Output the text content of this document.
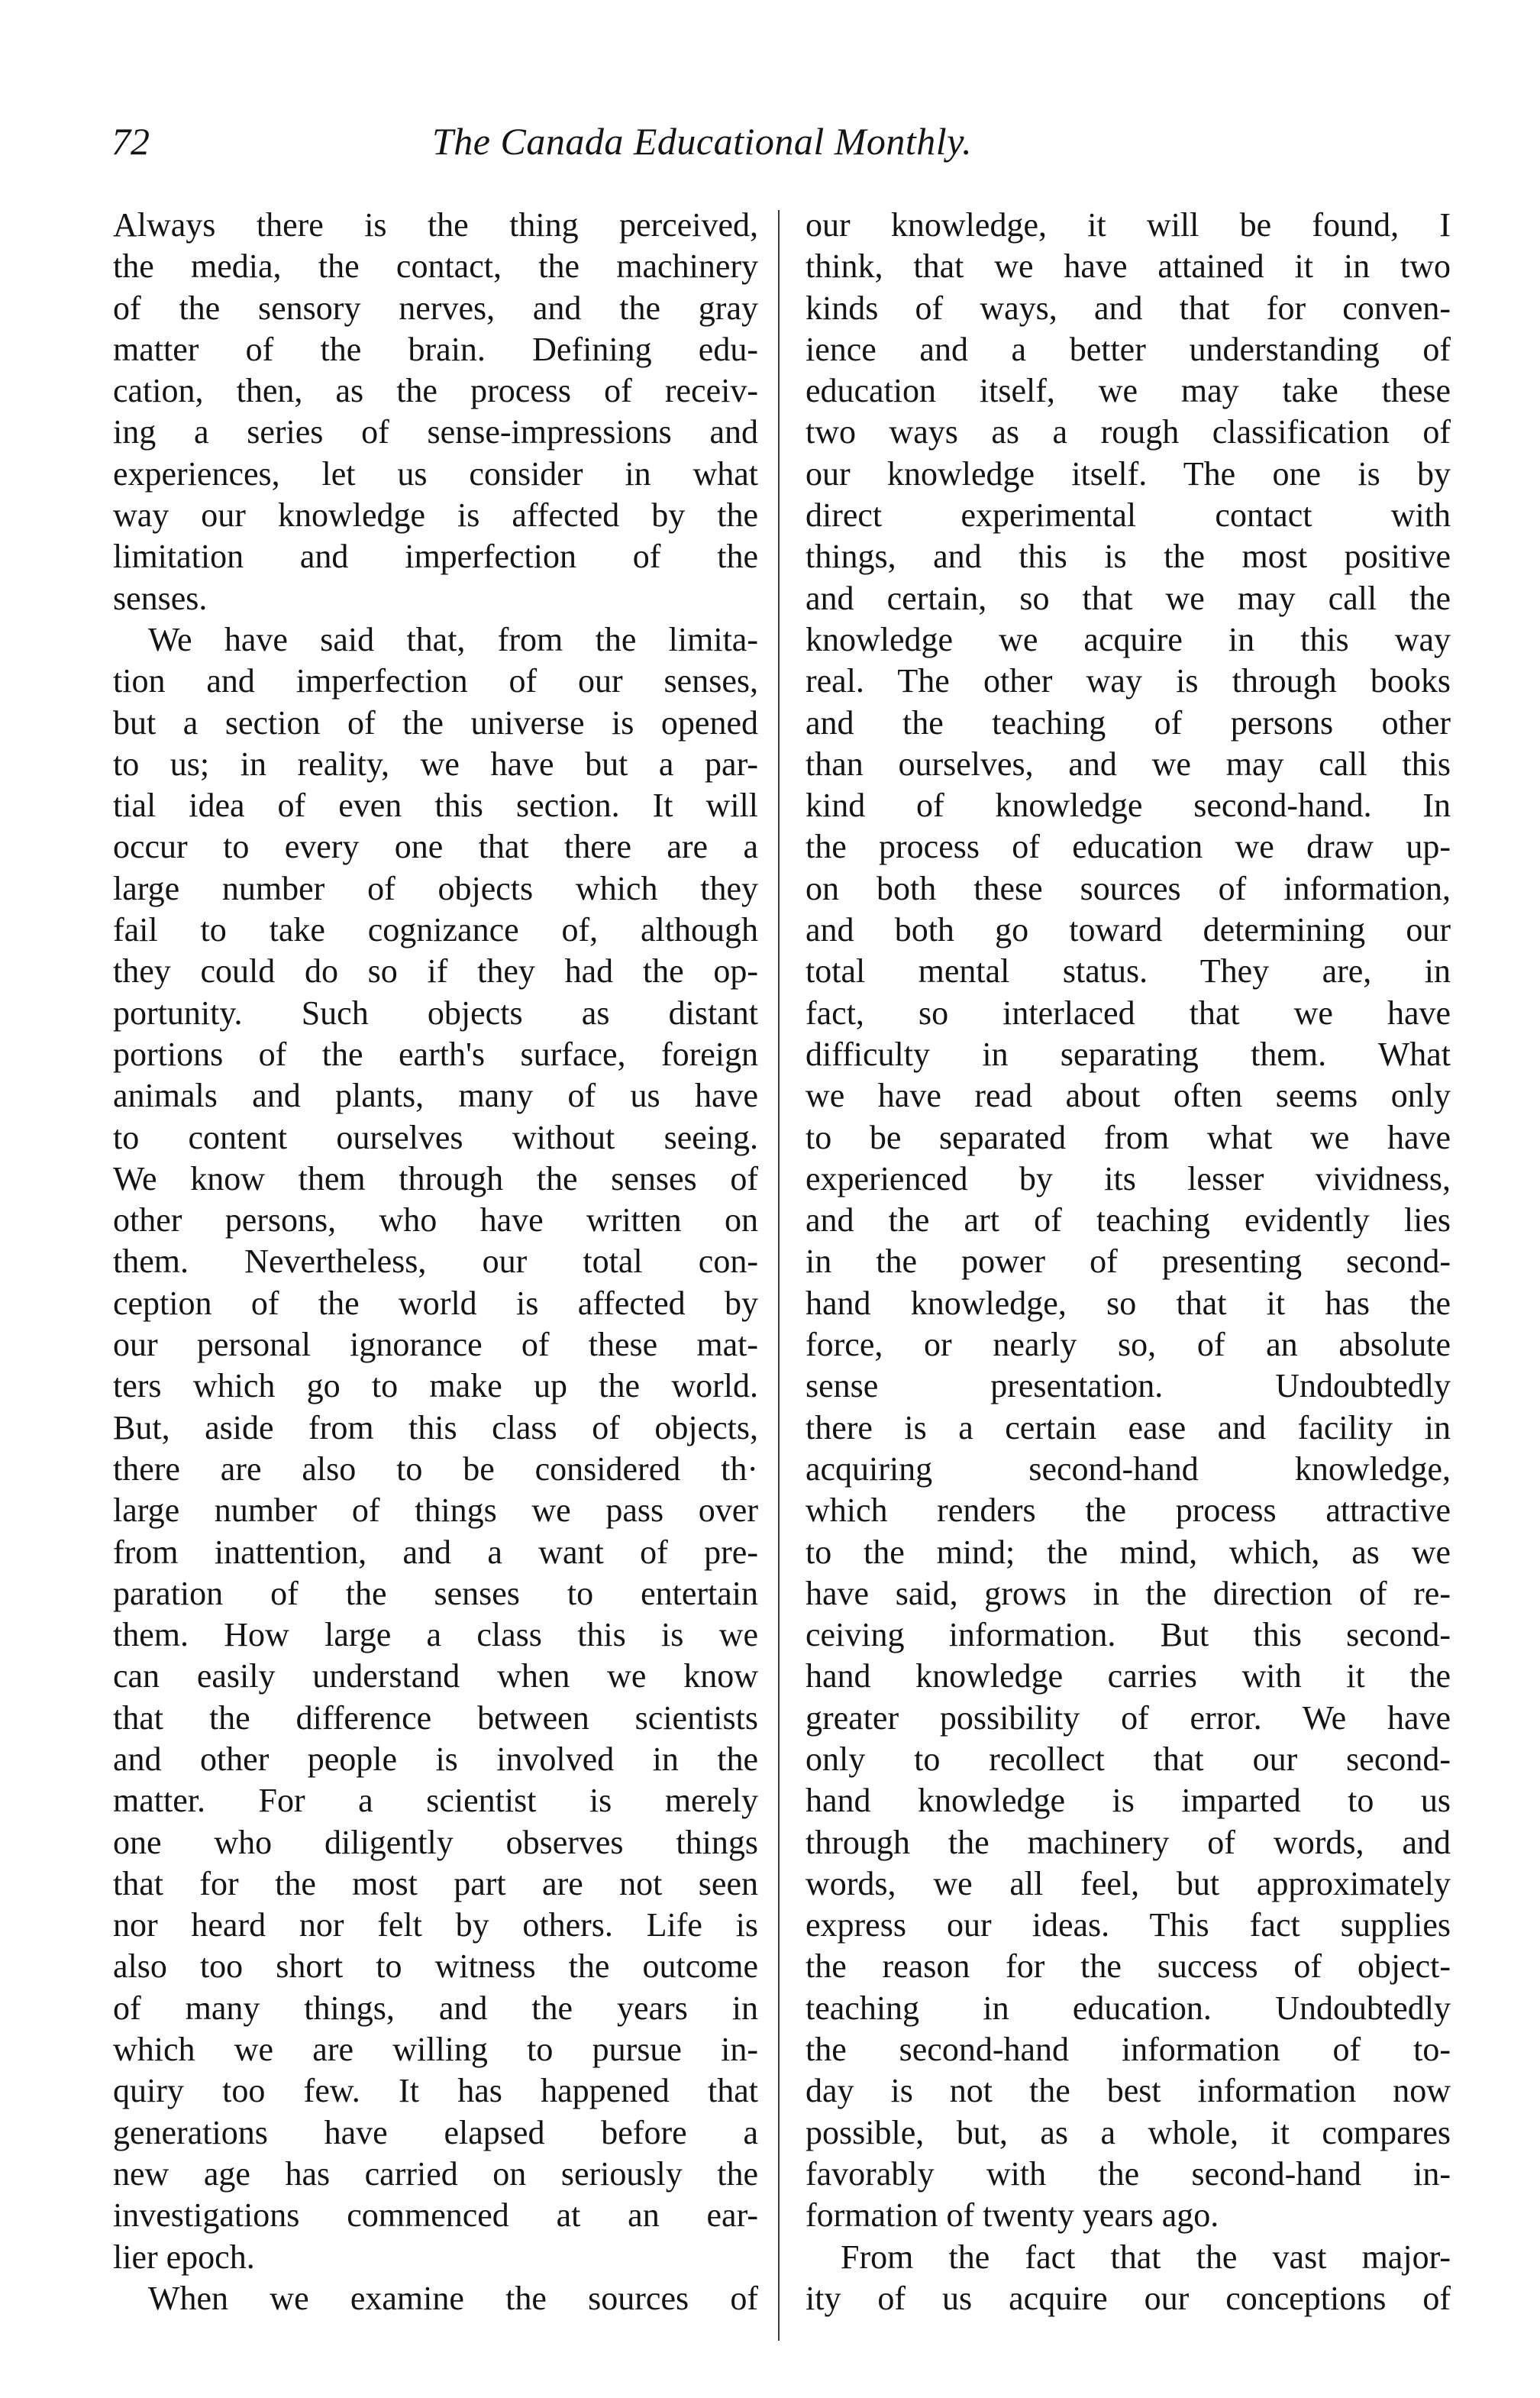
72	The Canada Educational Monthly.
Always there is the thing perceived,
the media, the contact, the machinery
of the sensory nerves, and the gray
matter of the brain. Defining edu-
cation, then, as the process of receiv-
ing a series of sense-impressions and
experiences, let us consider in what
way our knowledge is affected by the
limitation and imperfection of the
senses.
We have said that, from the limita-
tion and imperfection of our senses,
but a section of the universe is opened
to us; in reality, we have but a par-
tial idea of even this section. It will
occur to every one that there are a
large number of objects which they
fail to take cognizance of, although
they could do so if they had the op-
portunity. Such objects as distant
portions of the earth's surface, foreign
animals and plants, many of us have
to content ourselves without seeing.
We know them through the senses of
other persons, who have written on
them. Nevertheless, our total con-
ception of the world is affected by
our personal ignorance of these mat-
ters which go to make up the world.
But, aside from this class of objects,
there are also to be considered th·
large number of things we pass over
from inattention, and a want of pre-
paration of the senses to entertain
them. How large a class this is we
can easily understand when we know
that the difference between scientists
and other people is involved in the
matter. For a scientist is merely
one who diligently observes things
that for the most part are not seen
nor heard nor felt by others. Life is
also too short to witness the outcome
of many things, and the years in
which we are willing to pursue in-
quiry too few. It has happened that
generations have elapsed before a
new age has carried on seriously the
investigations commenced at an ear-
lier epoch.
When we examine the sources of
our knowledge, it will be found, I
think, that we have attained it in two
kinds of ways, and that for conven-
ience and a better understanding of
education itself, we may take these
two ways as a rough classification of
our knowledge itself. The one is by
direct experimental contact with
things, and this is the most positive
and certain, so that we may call the
knowledge we acquire in this way
real. The other way is through books
and the teaching of persons other
than ourselves, and we may call this
kind of knowledge second-hand. In
the process of education we draw up-
on both these sources of information,
and both go toward determining our
total mental status. They are, in
fact, so interlaced that we have
difficulty in separating them. What
we have read about often seems only
to be separated from what we have
experienced by its lesser vividness,
and the art of teaching evidently lies
in the power of presenting second-
hand knowledge, so that it has the
force, or nearly so, of an absolute
sense presentation. Undoubtedly
there is a certain ease and facility in
acquiring second-hand knowledge,
which renders the process attractive
to the mind; the mind, which, as we
have said, grows in the direction of re-
ceiving information. But this second-
hand knowledge carries with it the
greater possibility of error. We have
only to recollect that our second-
hand knowledge is imparted to us
through the machinery of words, and
words, we all feel, but approximately
express our ideas. This fact supplies
the reason for the success of object-
teaching in education. Undoubtedly
the second-hand information of to-
day is not the best information now
possible, but, as a whole, it compares
favorably with the second-hand in-
formation of twenty years ago.
From the fact that the vast major-
ity of us acquire our conceptions of
